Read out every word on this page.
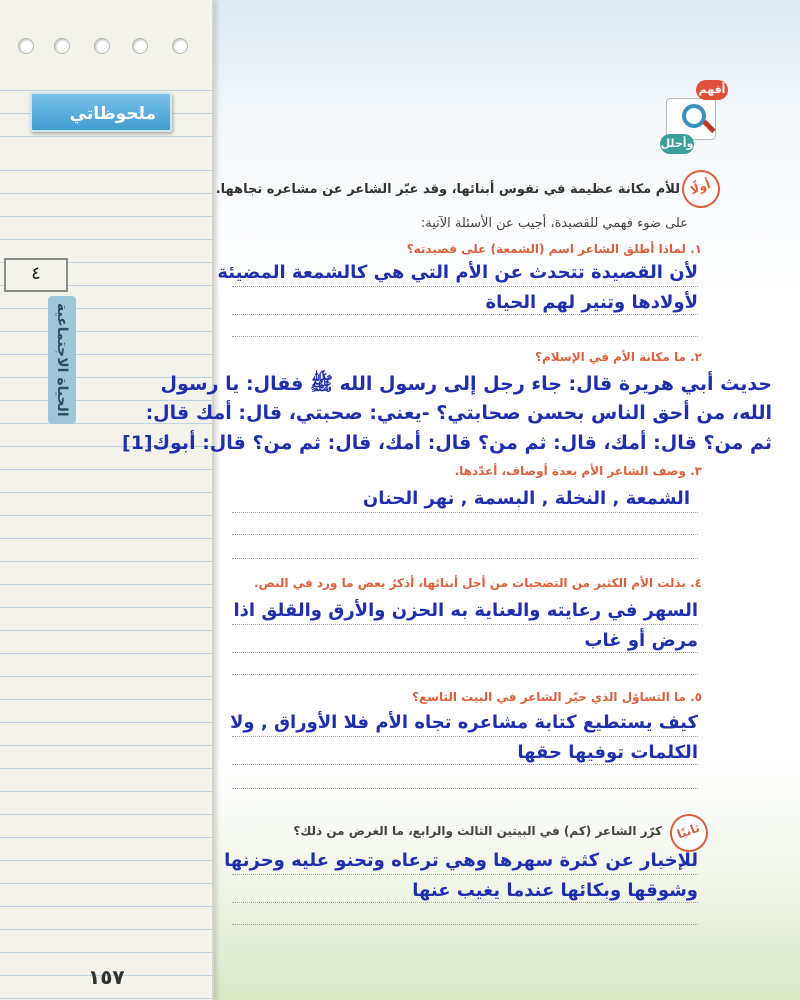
ملحوظاتي
٤
الحياة الاجتماعية
١٥٧
أفهم
وأحلل
أولًا
للأم مكانة عظيمة في نفوس أبنائها، وقد عبّر الشاعر عن مشاعره تجاهها.
على ضوء فهمي للقصيدة، أجيب عن الأسئلة الآتية:
١. لماذا أطلق الشاعر اسم (الشمعة) على قصيدته؟
لأن القصيدة تتحدث عن الأم التي هي كالشمعة المضيئة
لأولادها وتنير لهم الحياة
٢. ما مكانة الأم في الإسلام؟
حديث أبي هريرة قال: جاء رجل إلى رسول الله ﷺ فقال: يا رسول
الله، من أحق الناس بحسن صحابتي؟ -يعني: صحبتي، قال: أمك قال:
ثم من؟ قال: أمك، قال: ثم من؟ قال: أمك، قال: ثم من؟ قال: أبوك[1]
٣. وصف الشاعر الأم بعدة أوصاف، أعدّدها.
الشمعة , النخلة , البسمة , نهر الحنان
٤. بذلت الأم الكثير من التضحيات من أجل أبنائها، أذكرُ بعض ما ورد في النص.
السهر في رعايته والعناية به الحزن والأرق والقلق اذا
مرض أو غاب
٥. ما التساؤل الذي حيّر الشاعر في البيت التاسع؟
كيف يستطيع كتابة مشاعره تجاه الأم فلا الأوراق , ولا
الكلمات توفيها حقها
ثانيًا
كرّر الشاعر (كم) في البيتين الثالث والرابع، ما الغرض من ذلك؟
للإخبار عن كثرة سهرها وهي ترعاه وتحنو عليه وحزنها
وشوقها وبكائها عندما يغيب عنها
